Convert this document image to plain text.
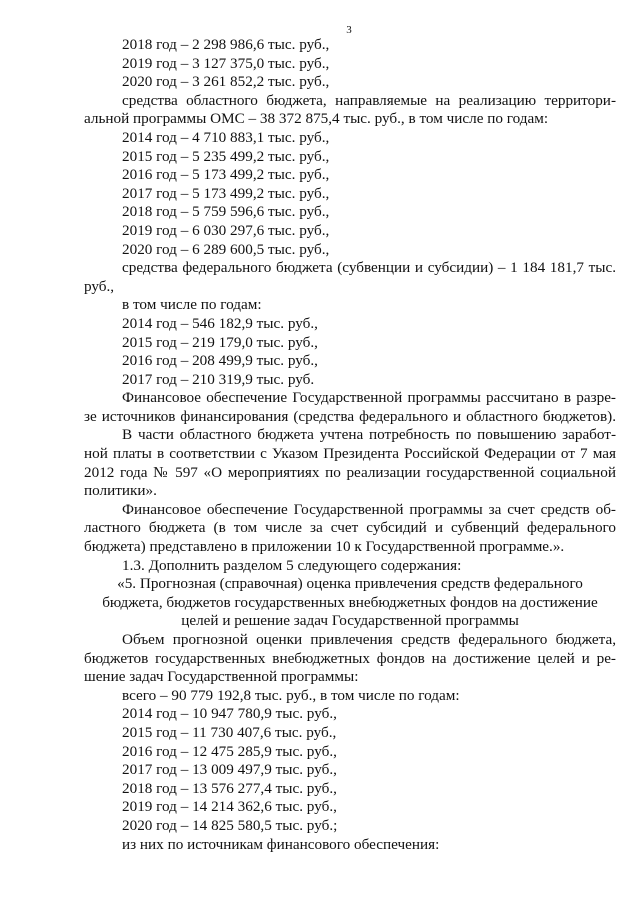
3
2018 год – 2 298 986,6 тыс. руб.,
2019 год – 3 127 375,0 тыс. руб.,
2020 год – 3 261 852,2 тыс. руб.,
средства областного бюджета, направляемые на реализацию территори-
альной программы ОМС – 38 372 875,4 тыс. руб., в том числе по годам:
2014 год – 4 710 883,1 тыс. руб.,
2015 год – 5 235 499,2 тыс. руб.,
2016 год – 5 173 499,2 тыс. руб.,
2017 год – 5 173 499,2 тыс. руб.,
2018 год – 5 759 596,6 тыс. руб.,
2019 год – 6 030 297,6 тыс. руб.,
2020 год – 6 289 600,5 тыс. руб.,
средства федерального бюджета (субвенции и субсидии) – 1 184 181,7 тыс.
руб.,
в том числе по годам:
2014 год – 546 182,9 тыс. руб.,
2015 год – 219 179,0 тыс. руб.,
2016 год – 208 499,9 тыс. руб.,
2017 год – 210 319,9 тыс. руб.
Финансовое обеспечение Государственной программы рассчитано в разре-
зе источников финансирования (средства федерального и областного бюджетов).
В части областного бюджета учтена потребность по повышению заработ-
ной платы в соответствии с Указом Президента Российской Федерации от 7 мая
2012 года № 597 «О мероприятиях по реализации государственной социальной
политики».
Финансовое обеспечение Государственной программы за счет средств об-
ластного бюджета (в том числе за счет субсидий и субвенций федерального
бюджета) представлено в приложении 10 к Государственной программе.».
1.3. Дополнить разделом 5 следующего содержания:
«5. Прогнозная (справочная) оценка привлечения средств федерального
бюджета, бюджетов государственных внебюджетных фондов на достижение
целей и решение задач Государственной программы
Объем прогнозной оценки привлечения средств федерального бюджета,
бюджетов государственных внебюджетных фондов на достижение целей и ре-
шение задач Государственной программы:
всего – 90 779 192,8 тыс. руб., в том числе по годам:
2014 год – 10 947 780,9 тыс. руб.,
2015 год – 11 730 407,6 тыс. руб.,
2016 год – 12 475 285,9 тыс. руб.,
2017 год – 13 009 497,9 тыс. руб.,
2018 год – 13 576 277,4 тыс. руб.,
2019 год – 14 214 362,6 тыс. руб.,
2020 год – 14 825 580,5 тыс. руб.;
из них по источникам финансового обеспечения:
